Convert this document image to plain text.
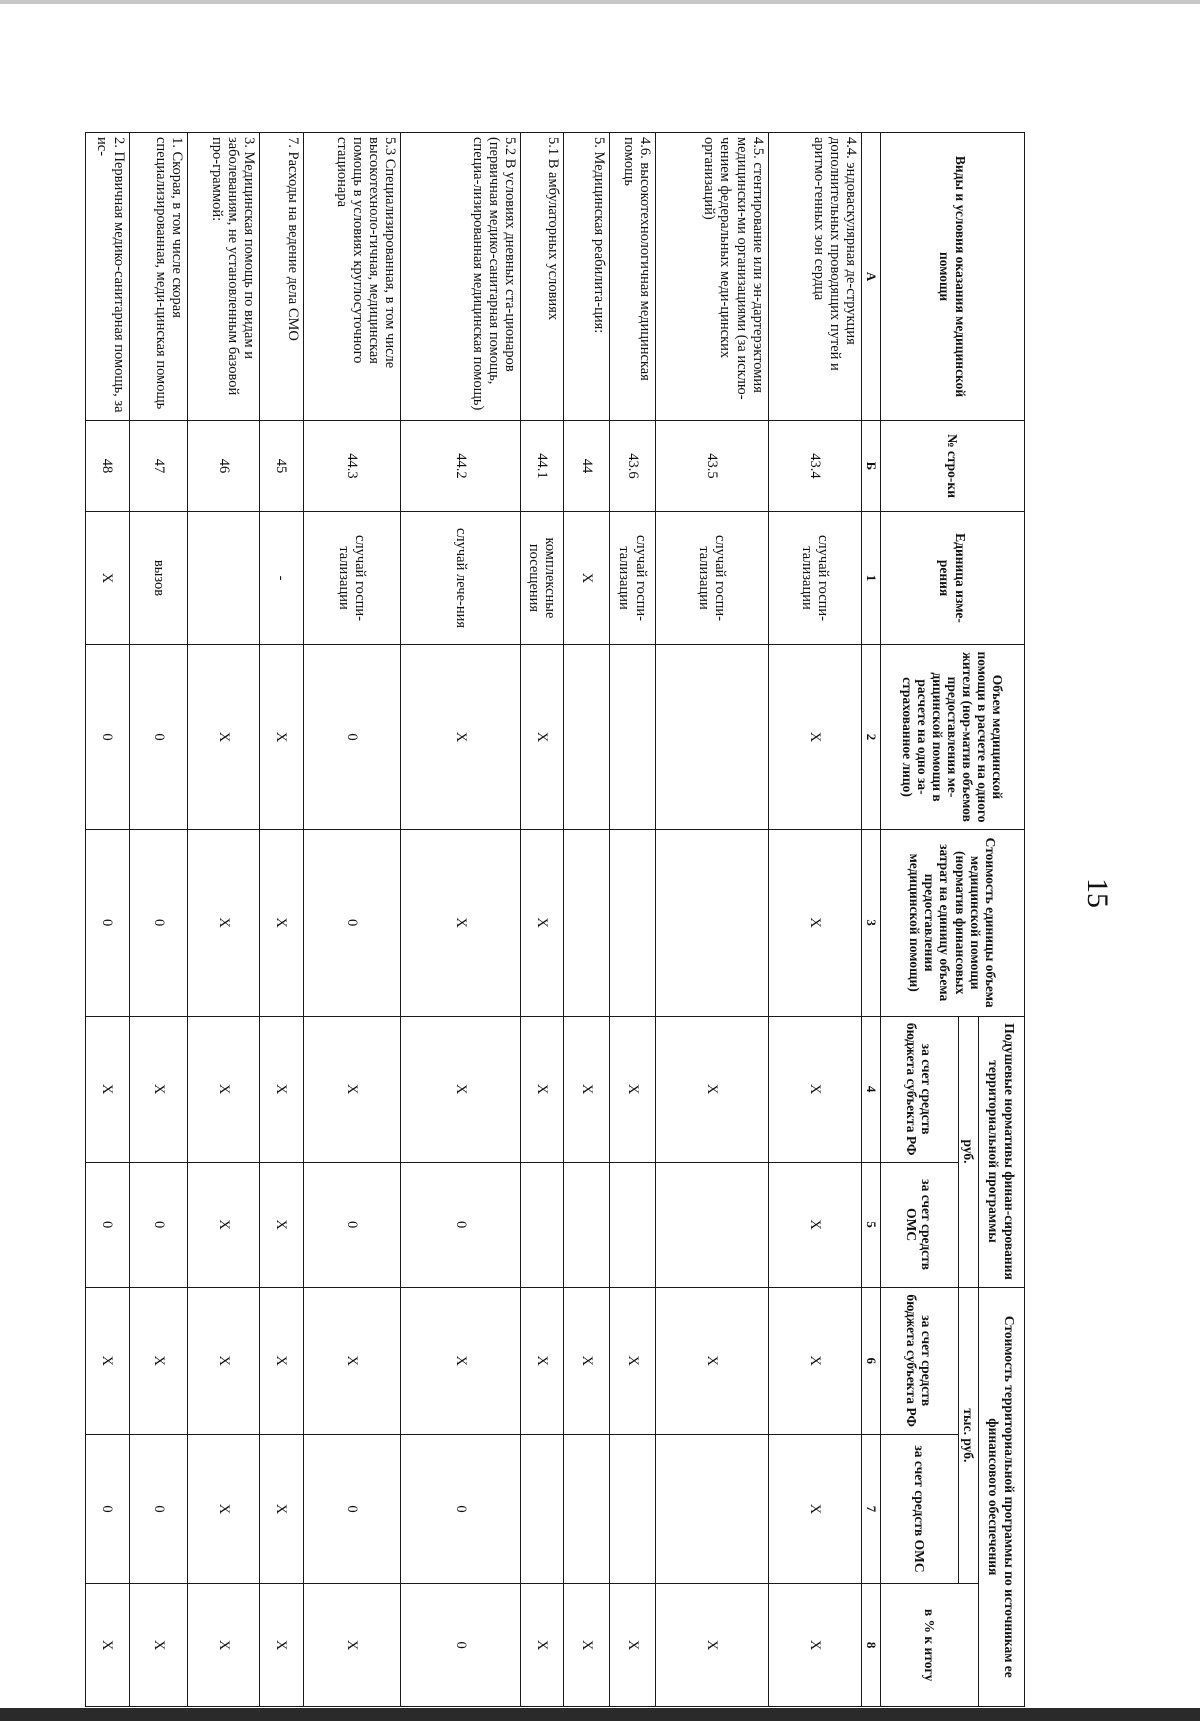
15
Виды и условия оказания медицинской помощи	№ стро-ки	Единица изме-рения	Объем медицинской помощи в расчете на одного жителя (нор-матив объемов предоставления ме-дицинской помощи в расчете на одно за-страхованное лицо)	Стоимость единицы объема медицинской помощи (норматив финансовых затрат на единицу объема предоставления медицинской помощи)	Подушевые нормативы финан-сирования территориальной программы		Стоимость территориальной программы по источникам ее финансового обеспечения		
					руб.		тыс. руб.		в % к итогу
					за счет средств бюджета субъекта РФ	за счет средств ОМС	за счет средств бюджета субъекта РФ	за счет средств ОМС	
А	Б	1	2	3	4	5	6	7	8
4.4. эндоваскулярная де-струкция дополнительных проводящих путей и аритмо-генных зон сердца	43.4	случай госпи-тализации	X	X	X	X	X	X	X
4.5. стентирование или эн-дартерэктомия медицински-ми организациями (за исклю-чением федеральных меди-цинских организаций)	43.5	случай госпи-тализации			X		X		X
4.6. высокотехнологичная медицинская помощь	43.6	случай госпи-тализации			X		X		X
5. Медицинская реабилита-ция:	44	X			X		X		X
5.1 В амбулаторных условиях	44.1	комплексные посещения	X	X	X		X		X
5.2 В условиях дневных ста-ционаров (первичная медико-санитарная помощь, специа-лизированная медицинская помощь)	44.2	случай лече-ния	X	X	X	0	X	0	0
5.3 Специализированная, в том числе высокотехноло-гичная, медицинская помощь в условиях круглосуточного стационара	44.3	случай госпи-тализации	0	0	X	0	X	0	X
7. Расходы на ведение дела СМО	45	-	X	X	X	X	X	X	X
3. Медицинская помощь по видам и заболеваниям, не установленным базовой про-граммой:	46		X	X	X	X	X	X	X
1. Скорая, в том числе скорая специализированная, меди-цинская помощь	47	вызов	0	0	X	0	X	0	X
2. Первичная медико-санитарная помощь, за ис-	48	X	0	0	X	0	X	0	X
